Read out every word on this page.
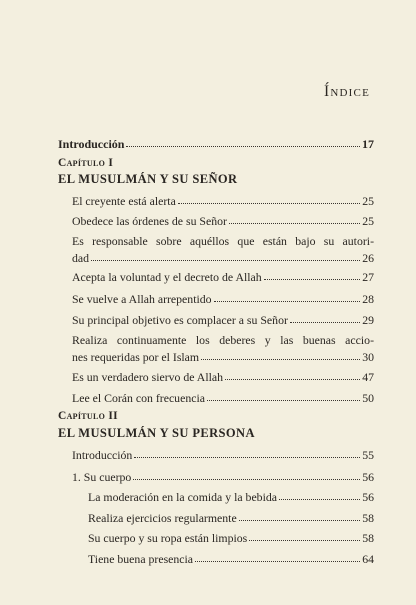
Índice
Introducción	17
Capítulo I
EL MUSULMÁN Y SU SEÑOR
El creyente está alerta	25
Obedece las órdenes de su Señor	25
Es responsable sobre aquéllos que están bajo su autori-
dad	26
Acepta la voluntad y el decreto de Allah	27
Se vuelve a Allah arrepentido	28
Su principal objetivo es complacer a su Señor	29
Realiza continuamente los deberes y las buenas accio-
nes requeridas por el Islam	30
Es un verdadero siervo de Allah	47
Lee el Corán con frecuencia	50
Capítulo II
EL MUSULMÁN Y SU PERSONA
Introducción	55
1. Su cuerpo	56
La moderación en la comida y la bebida	56
Realiza ejercicios regularmente	58
Su cuerpo y su ropa están limpios	58
Tiene buena presencia	64
